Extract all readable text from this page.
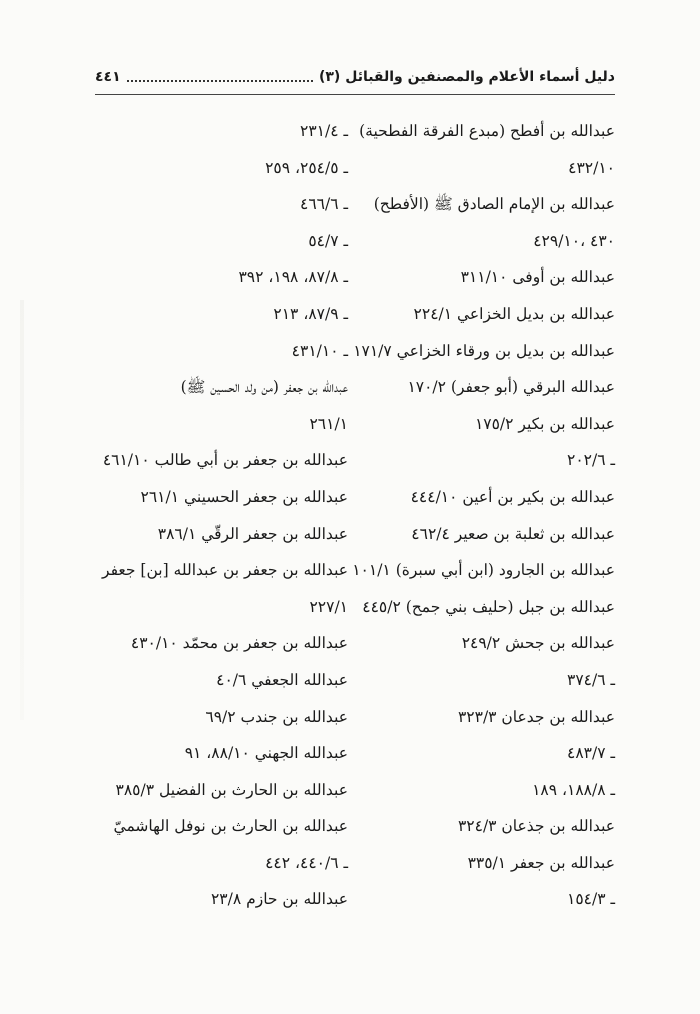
دليل أسماء الأعلام والمصنفين والقبائل (٣)
٤٤١
عبدالله بن أفطح (مبدع الفرقة الفطحية)
٤٣٢/١٠
عبدالله بن الإمام الصادق ﷺ (الأفطح)
٤٣٠ ،٤٢٩/١٠
عبدالله بن أوفى ٣١١/١٠
عبدالله بن بديل الخزاعي ٢٢٤/١
عبدالله بن بديل بن ورقاء الخزاعي ١٧١/٧
عبدالله البرقي (أبو جعفر) ١٧٠/٢
عبدالله بن بكير ١٧٥/٢
ـ ٢٠٢/٦
عبدالله بن بكير بن أعين ٤٤٤/١٠
عبدالله بن ثعلبة بن صعير ٤٦٢/٤
عبدالله بن الجارود (ابن أبي سبرة) ١٠١/١
عبدالله بن جبل (حليف بني جمح) ٤٤٥/٢
عبدالله بن جحش ٢٤٩/٢
ـ ٣٧٤/٦
عبدالله بن جدعان ٣٢٣/٣
ـ ٤٨٣/٧
ـ ١٨٨/٨، ١٨٩
عبدالله بن جذعان ٣٢٤/٣
عبدالله بن جعفر ٣٣٥/١
ـ ١٥٤/٣
ـ ٢٣١/٤
ـ ٢٥٤/٥، ٢٥٩
ـ ٤٦٦/٦
ـ ٥٤/٧
ـ ٨٧/٨، ١٩٨، ٣٩٢
ـ ٨٧/٩، ٢١٣
ـ ٤٣١/١٠
عبدالله بن جعفر (من ولد الحسين ﷺ)
٢٦١/١
عبدالله بن جعفر بن أبي طالب ٤٦١/١٠
عبدالله بن جعفر الحسيني ٢٦١/١
عبدالله بن جعفر الرقّي ٣٨٦/١
عبدالله بن جعفر بن عبدالله [بن] جعفر
٢٢٧/١
عبدالله بن جعفر بن محمّد ٤٣٠/١٠
عبدالله الجعفي ٤٠/٦
عبدالله بن جندب ٦٩/٢
عبدالله الجهني ٨٨/١٠، ٩١
عبدالله بن الحارث بن الفضيل ٣٨٥/٣
عبدالله بن الحارث بن نوفل الهاشميّ
ـ ٤٤٠/٦، ٤٤٢
عبدالله بن حازم ٢٣/٨
